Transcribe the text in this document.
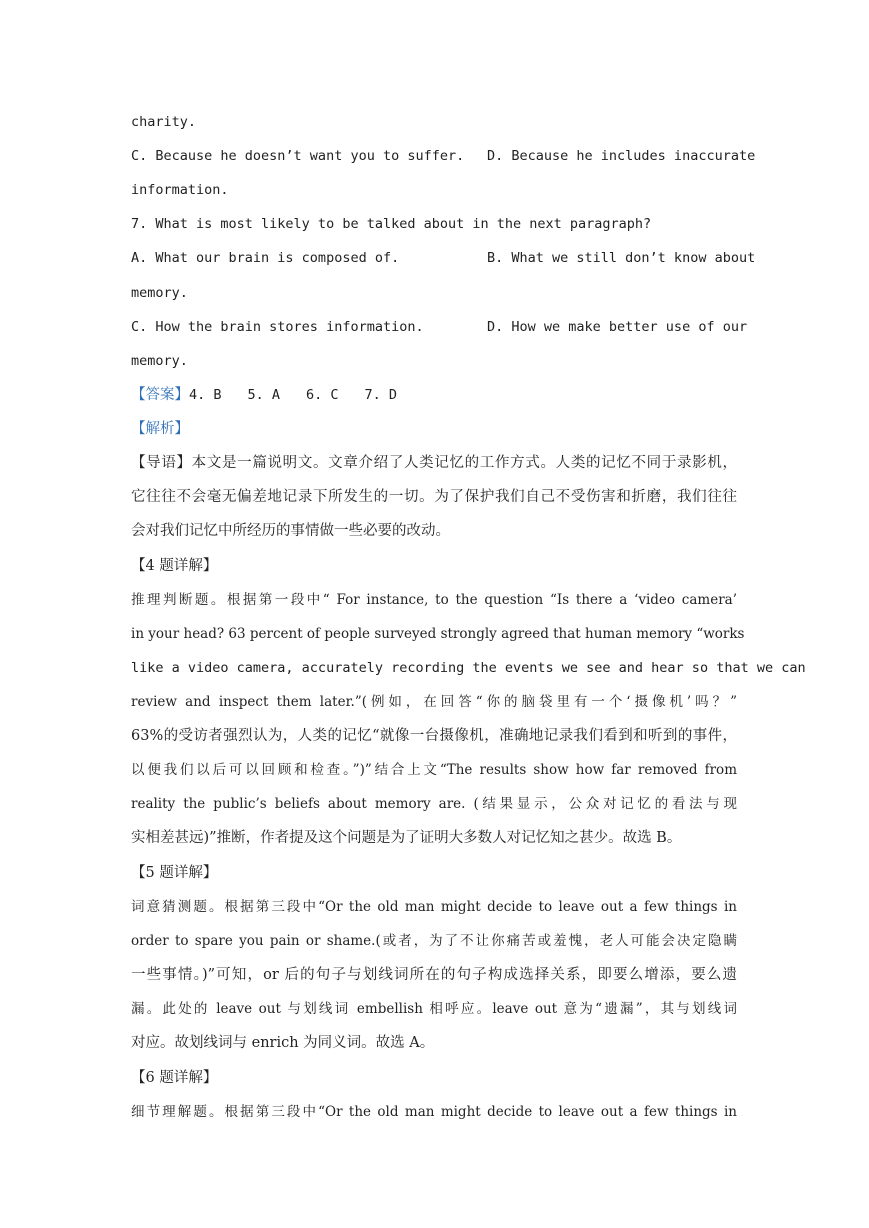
charity.
C. Because he doesn’t want you to suffer. D. Because he includes inaccurate
information.
7. What is most likely to be talked about in the next paragraph?
A. What our brain is composed of.	B. What we still don’t know about
memory.
C. How the brain stores information.	D. How we make better use of our
memory.
【答案】4. B 5. A 6. C 7. D
【解析】
【导语】本文是一篇说明文。文章介绍了人类记忆的工作方式。人类的记忆不同于录影机，
它往往不会毫无偏差地记录下所发生的一切。为了保护我们自己不受伤害和折磨，我们往往
会对我们记忆中所经历的事情做一些必要的改动。
【4 题详解】
推理判断题。根据第一段中“ For instance, to the question “Is there a ‘video camera’
in your head? 63 percent of people surveyed strongly agreed that human memory “works
like a video camera, accurately recording the events we see and hear so that we can
review and inspect them later.”(例如，在回答“你的脑袋里有一个‘摄像机’吗？”
63%的受访者强烈认为，人类的记忆“就像一台摄像机，准确地记录我们看到和听到的事件，
以便我们以后可以回顾和检查。”)”结合上文“The results show how far removed from
reality the public’s beliefs about memory are. (结果显示，公众对记忆的看法与现
实相差甚远)”推断，作者提及这个问题是为了证明大多数人对记忆知之甚少。故选 B。
【5 题详解】
词意猜测题。根据第三段中“Or the old man might decide to leave out a few things in
order to spare you pain or shame.(或者，为了不让你痛苦或羞愧，老人可能会决定隐瞒
一些事情。)”可知，or 后的句子与划线词所在的句子构成选择关系，即要么增添，要么遗
漏。此处的 leave out 与划线词 embellish 相呼应。leave out 意为“遗漏”，其与划线词
对应。故划线词与 enrich 为同义词。故选 A。
【6 题详解】
细节理解题。根据第三段中“Or the old man might decide to leave out a few things in
